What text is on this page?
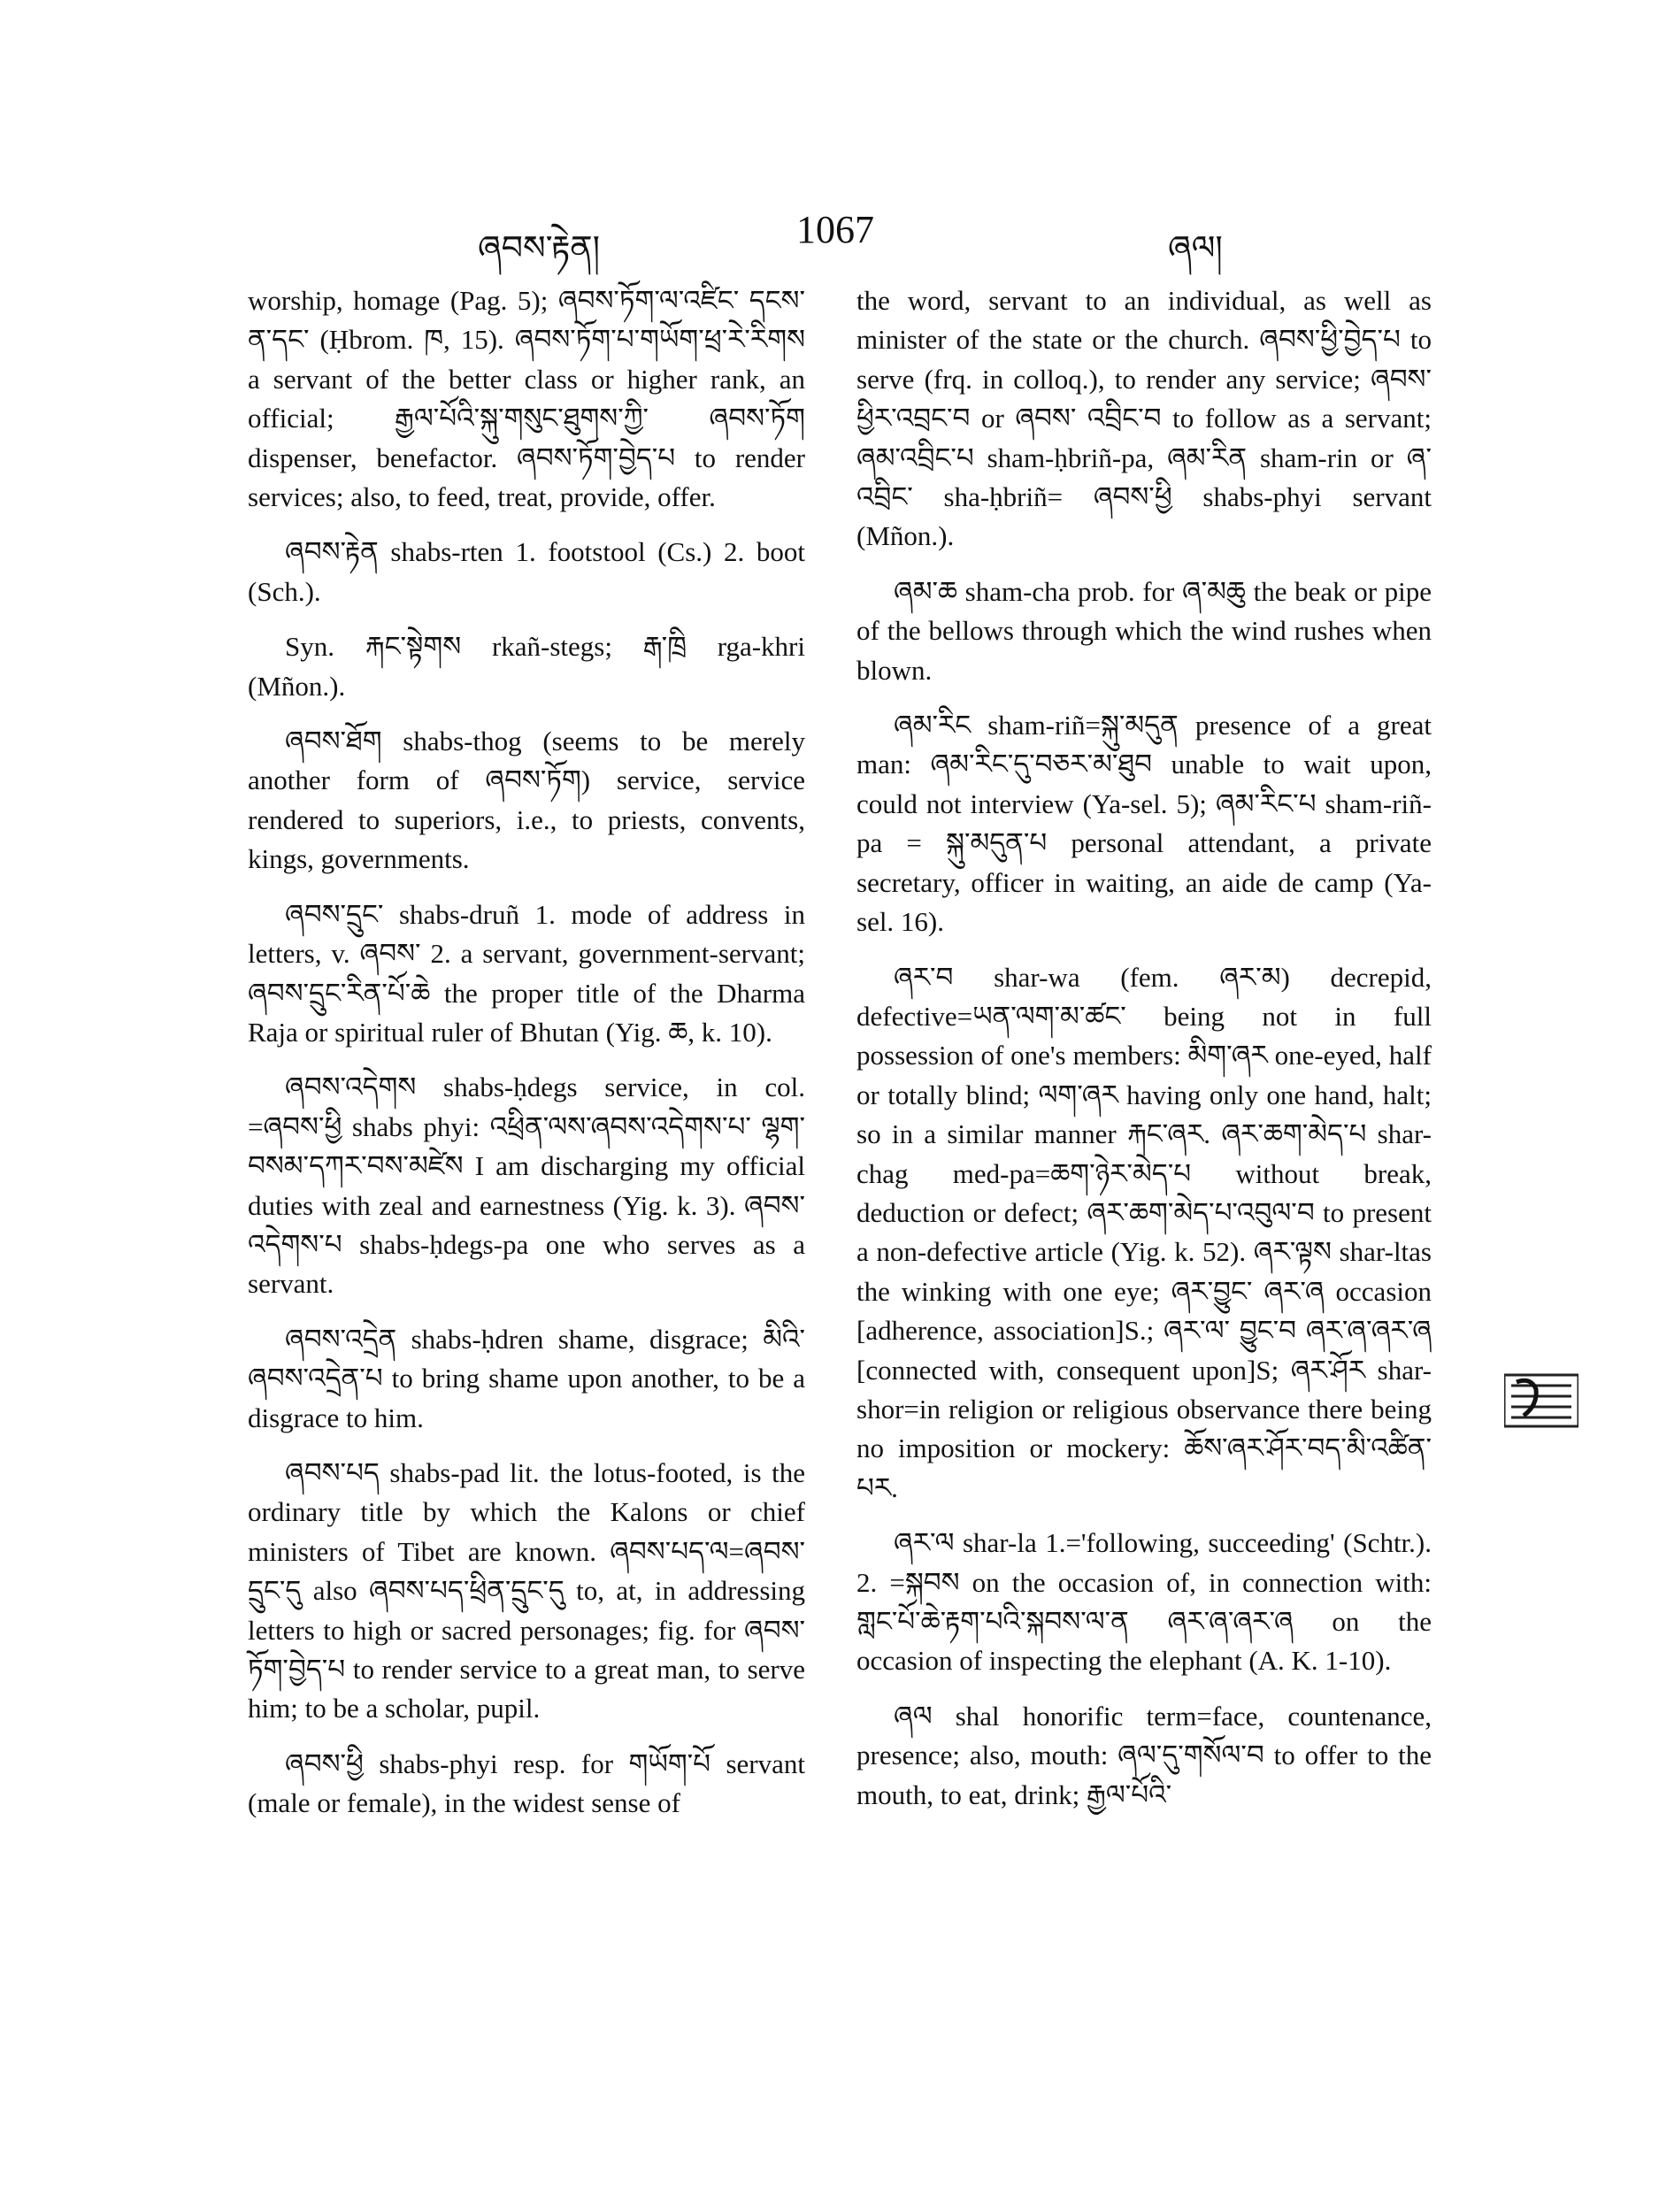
ཞབས་རྟེན།	1067	ཞལ།

worship, homage (Pag. 5); ཞབས་ཏོག་ལ་འཛིང་ དངས་ན་དང་ (Ḥbrom. ཁ, 15). ཞབས་ཏོག་པ་གཡོག་ཕྲ་རེ་རིགས a servant of the better class or higher rank, an official; རྒྱལ་པོའི་སྐུ་གསུང་ཐུགས་ཀྱི་ ཞབས་ཏོག dispenser, benefactor. ཞབས་ཏོག་བྱེད་པ to render services; also, to feed, treat, provide, offer.

ཞབས་རྟེན shabs-rten 1. footstool (Cs.) 2. boot (Sch.).

Syn. རྐང་སྟེགས rkañ-stegs; རྒ་ཁྲི rga-khri (Mñon.).

ཞབས་ཐོག shabs-thog (seems to be merely another form of ཞབས་ཏོག) service, service rendered to superiors, i.e., to priests, convents, kings, governments.

ཞབས་དྲུང་ shabs-druñ 1. mode of address in letters, v. ཞབས་ 2. a servant, government-servant; ཞབས་དྲུང་རིན་པོ་ཆེ the proper title of the Dharma Raja or spiritual ruler of Bhutan (Yig. ཆ, k. 10).

ཞབས་འདེགས shabs-ḥdegs service, in col. =ཞབས་ཕྱི shabs phyi: འཕྲིན་ལས་ཞབས་འདེགས་པ་ ལྷག་བསམ་དཀར་བས་མཛེས I am discharging my official duties with zeal and earnestness (Yig. k. 3). ཞབས་འདེགས་པ shabs-ḥdegs-pa one who serves as a servant.

ཞབས་འདྲེན shabs-ḥdren shame, disgrace; མིའི་ཞབས་འདྲེན་པ to bring shame upon another, to be a disgrace to him.

ཞབས་པད shabs-pad lit. the lotus-footed, is the ordinary title by which the Kalons or chief ministers of Tibet are known. ཞབས་པད་ལ=ཞབས་དྲུང་དུ also ཞབས་པད་ཕྲིན་དྲུང་དུ to, at, in addressing letters to high or sacred personages; fig. for ཞབས་ཏོག་བྱེད་པ to render service to a great man, to serve him; to be a scholar, pupil.

ཞབས་ཕྱི shabs-phyi resp. for གཡོག་པོ servant (male or female), in the widest sense of

the word, servant to an individual, as well as minister of the state or the church. ཞབས་ཕྱི་བྱེད་པ to serve (frq. in colloq.), to render any service; ཞབས་ཕྱིར་འབྲང་བ or ཞབས་ འབྲིང་བ to follow as a servant; ཞམ་འབྲིང་པ sham-ḥbriñ-pa, ཞམ་རིན sham-rin or ཞ་འབྲིང་ sha-ḥbriñ= ཞབས་ཕྱི shabs-phyi servant (Mñon.).

ཞམ་ཆ sham-cha prob. for ཞ་མཆུ the beak or pipe of the bellows through which the wind rushes when blown.

ཞམ་རིང sham-riñ=སྐུ་མདུན presence of a great man: ཞམ་རིང་དུ་བཅར་མ་ཐུབ unable to wait upon, could not interview (Ya-sel. 5); ཞམ་རིང་པ sham-riñ-pa = སྐུ་མདུན་པ personal attendant, a private secretary, officer in waiting, an aide de camp (Ya-sel. 16).

ཞར་བ shar-wa (fem. ཞར་མ) decrepid, defective=ཡན་ལག་མ་ཚང་ being not in full possession of one's members: མིག་ཞར one-eyed, half or totally blind; ལག་ཞར having only one hand, halt; so in a similar manner རྐང་ཞར. ཞར་ཆག་མེད་པ shar-chag med-pa=ཆག་ཉེར་མེད་པ without break, deduction or defect; ཞར་ཆག་མེད་པ་འབུལ་བ to present a non-defective article (Yig. k. 52). ཞར་ལྟས shar-ltas the winking with one eye; ཞར་བྱུང་ ཞར་ཞ occasion [adherence, association]S.; ཞར་ལ་ བྱུང་བ ཞར་ཞ་ཞར་ཞ [connected with, consequent upon]S; ཞར་ཤོར shar-shor=in religion or religious observance there being no imposition or mockery: ཆོས་ཞར་ཤོར་བད་མི་འཚིན་པར.

ཞར་ལ shar-la 1.='following, succeeding' (Schtr.). 2. =སྐབས on the occasion of, in connection with: གླང་པོ་ཆེ་རྟག་པའི་སྐབས་ལ་ན ཞར་ཞ་ཞར་ཞ on the occasion of inspecting the elephant (A. K. 1-10).

ཞལ shal honorific term=face, countenance, presence; also, mouth: ཞལ་དུ་གསོལ་བ to offer to the mouth, to eat, drink; རྒྱལ་པོའི་
